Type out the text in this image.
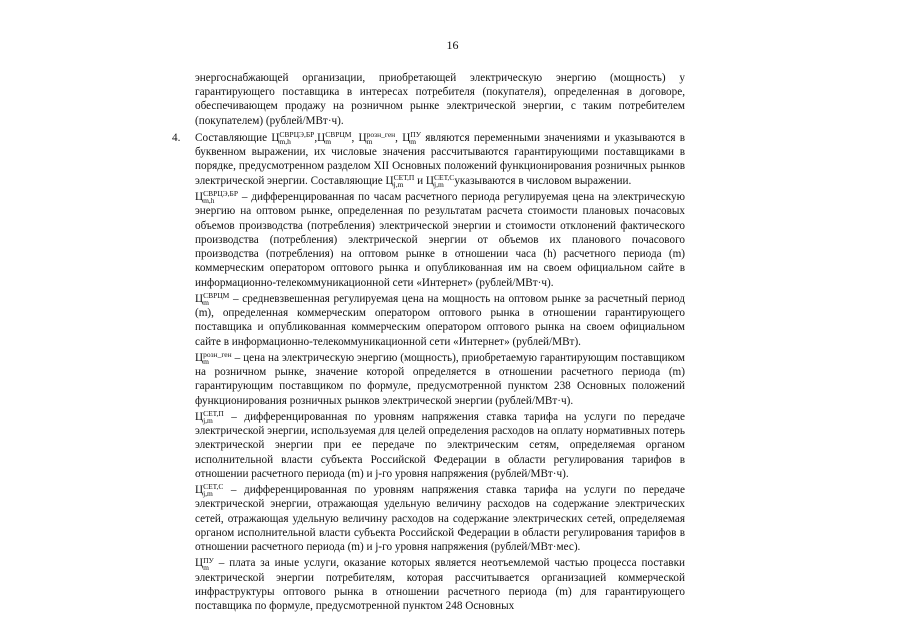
16

энергоснабжающей организации, приобретающей электрическую энергию (мощность) у гарантирующего поставщика в интересах потребителя (покупателя), определенная в договоре, обеспечивающем продажу на розничном рынке электрической энергии, с таким потребителем (покупателем) (рублей/МВт·ч).

4. Составляющие Ц СВРЦЭ,БР
m,h	,Ц СВРЦМ
m	, Ц розн_ген
m	, Ц ПУ
m являются переменными значениями и указываются в буквенном выражении, их числовые значения рассчитываются гарантирующими поставщиками в порядке, предусмотренном разделом XII Основных положений функционирования розничных рынков электрической энергии. Составляющие Ц СЕТ,П
j,m	и Ц СЕТ,С
j,m указываются в числовом выражении.

Ц СВРЦЭ,БР
m,h	– дифференцированная по часам расчетного периода регулируемая цена на электрическую энергию на оптовом рынке, определенная по результатам расчета стоимости плановых почасовых объемов производства (потребления) электрической энергии и стоимости отклонений фактического производства (потребления) электрической энергии от объемов их планового почасового производства (потребления) на оптовом рынке в отношении часа (h) расчетного периода (m) коммерческим оператором оптового рынка и опубликованная им на своем официальном сайте в информационно-телекоммуникационной сети «Интернет» (рублей/МВт·ч).

Ц СВРЦМ
m	– средневзвешенная регулируемая цена на мощность на оптовом рынке за расчетный период (m), определенная коммерческим оператором оптового рынка в отношении гарантирующего поставщика и опубликованная коммерческим оператором оптового рынка на своем официальном сайте в информационно-телекоммуникационной сети «Интернет» (рублей/МВт).

Ц розн_ген
m	– цена на электрическую энергию (мощность), приобретаемую гарантирующим поставщиком на розничном рынке, значение которой определяется в отношении расчетного периода (m) гарантирующим поставщиком по формуле, предусмотренной пунктом 238 Основных положений функционирования розничных рынков электрической энергии (рублей/МВт·ч).

Ц СЕТ,П
j,m	– дифференцированная по уровням напряжения ставка тарифа на услуги по передаче электрической энергии, используемая для целей определения расходов на оплату нормативных потерь электрической энергии при ее передаче по электрическим сетям, определяемая органом исполнительной власти субъекта Российской Федерации в области регулирования тарифов в отношении расчетного периода (m) и j-го уровня напряжения (рублей/МВт·ч).

Ц СЕТ,С
j,m	– дифференцированная по уровням напряжения ставка тарифа на услуги по передаче электрической энергии, отражающая удельную величину расходов на содержание электрических сетей, отражающая удельную величину расходов на содержание электрических сетей, определяемая органом исполнительной власти субъекта Российской Федерации в области регулирования тарифов в отношении расчетного периода (m) и j-го уровня напряжения (рублей/МВт·мес).

Ц ПУ
m – плата за иные услуги, оказание которых является неотъемлемой частью процесса поставки электрической энергии потребителям, которая рассчитывается организацией коммерческой инфраструктуры оптового рынка в отношении расчетного периода (m) для гарантирующего поставщика по формуле, предусмотренной пунктом 248 Основных
